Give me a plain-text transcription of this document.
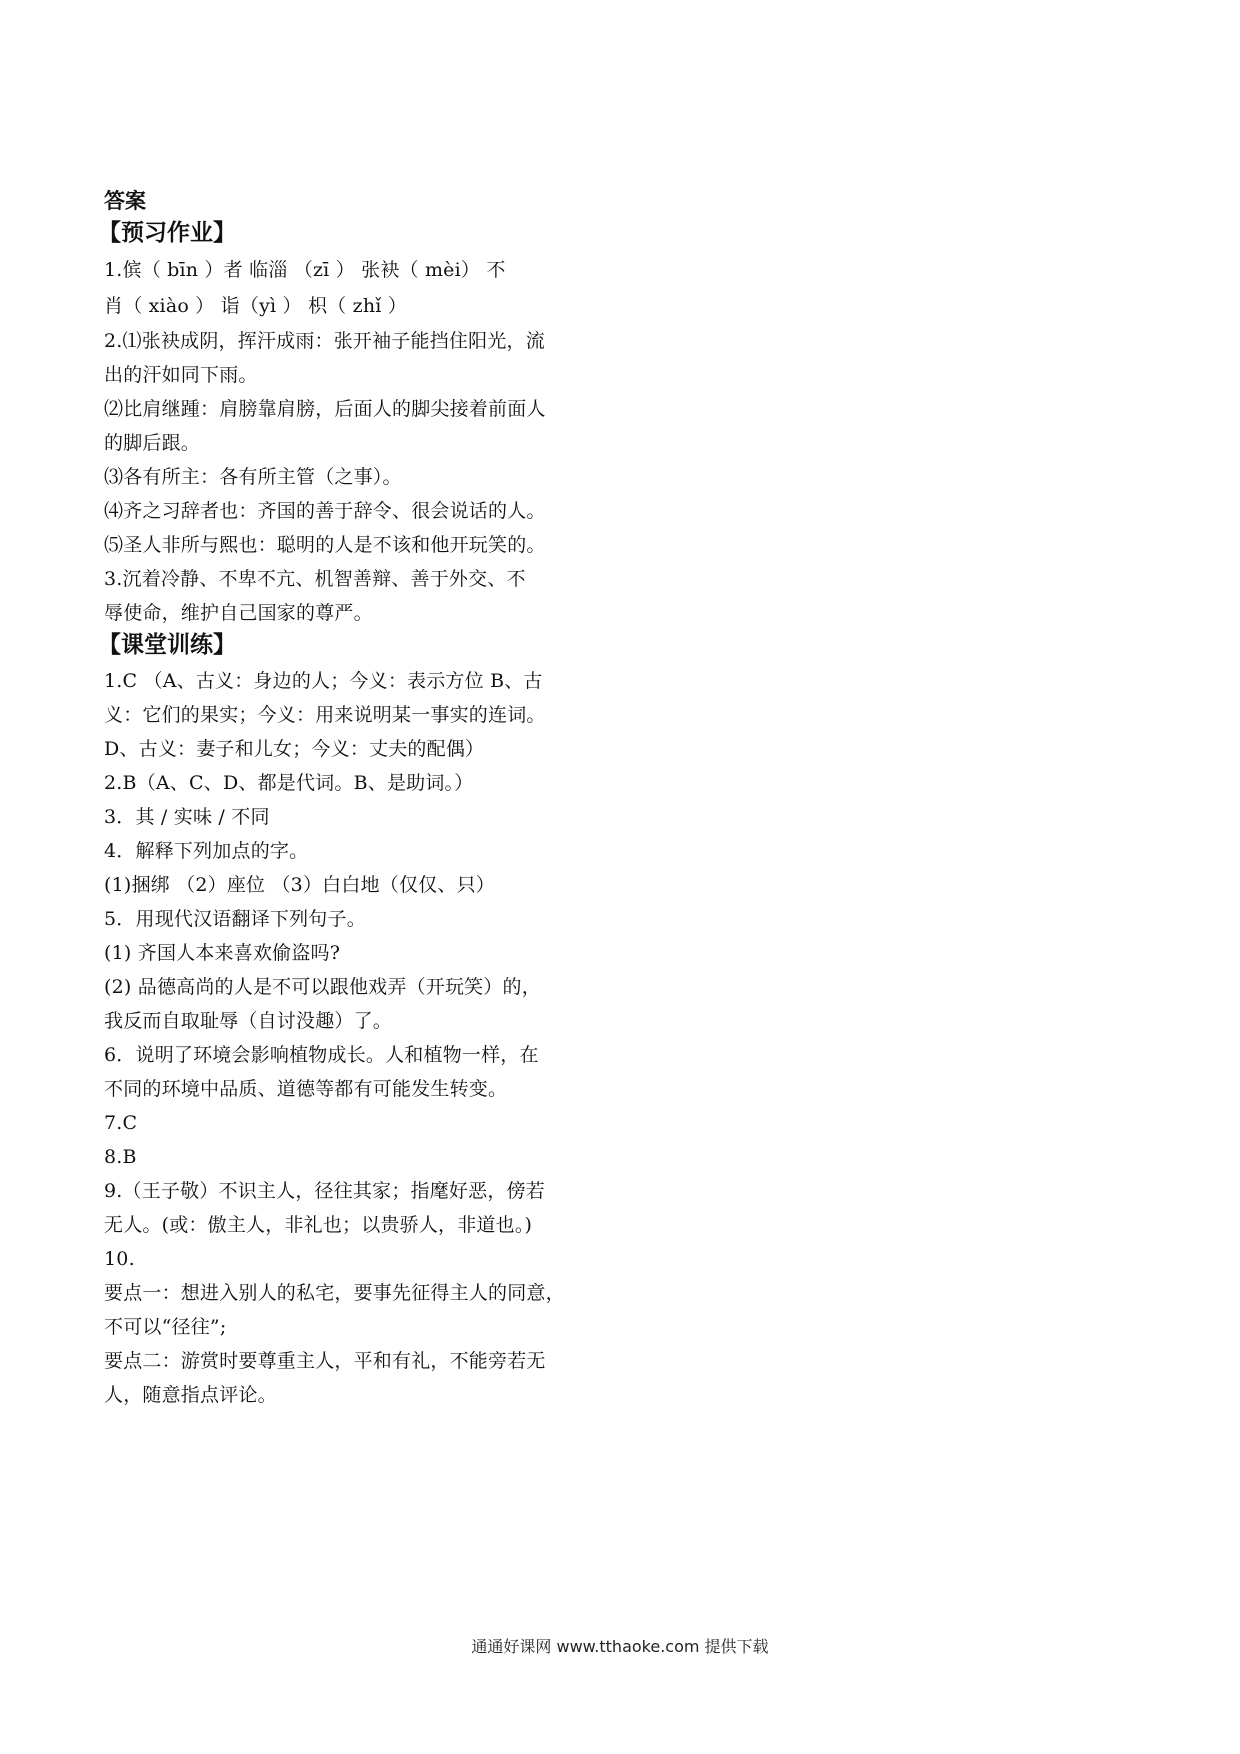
答案
【预习作业】
1.傧（ bīn ）者 临淄 （zī ） 张袂（ mèi） 不
肖（ xiào ） 诣（yì ） 枳（ zhǐ ）
2.⑴张袂成阴，挥汗成雨：张开袖子能挡住阳光，流
出的汗如同下雨。
⑵比肩继踵：肩膀靠肩膀，后面人的脚尖接着前面人
的脚后跟。
⑶各有所主：各有所主管（之事）。
⑷齐之习辞者也：齐国的善于辞令、很会说话的人。
⑸圣人非所与熙也：聪明的人是不该和他开玩笑的。
3.沉着冷静、不卑不亢、机智善辩、善于外交、不
辱使命，维护自己国家的尊严。
【课堂训练】
1.C （A、古义：身边的人；今义：表示方位 B、古
义：它们的果实；今义：用来说明某一事实的连词。
D、古义：妻子和儿女；今义：丈夫的配偶）
2.B（A、C、D、都是代词。B、是助词。）
3．其 / 实味 / 不同
4．解释下列加点的字。
(1)捆绑 （2）座位 （3）白白地（仅仅、只）
5．用现代汉语翻译下列句子。
(1) 齐国人本来喜欢偷盗吗?
(2) 品德高尚的人是不可以跟他戏弄（开玩笑）的，
我反而自取耻辱（自讨没趣）了。
6．说明了环境会影响植物成长。人和植物一样，在
不同的环境中品质、道德等都有可能发生转变。
7.C
8.B
9.（王子敬）不识主人，径往其家；指麾好恶，傍若
无人。(或：傲主人，非礼也；以贵骄人，非道也。)
10.
要点一：想进入别人的私宅，要事先征得主人的同意，
不可以“径往”;
要点二：游赏时要尊重主人，平和有礼，不能旁若无
人，随意指点评论。
通通好课网 www.tthaoke.com 提供下载
